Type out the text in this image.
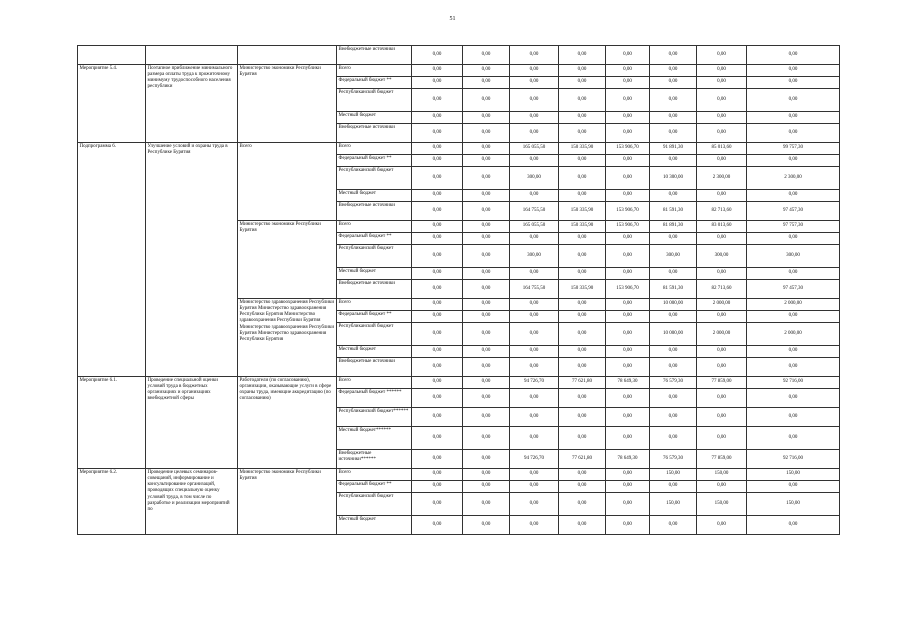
51
			Внебюджетные источники	0,00	0,00	0,00	0,00	0,00	0,00	0,00	0,00
Мероприятие 5.4.	Поэтапное приближение минимального размера оплаты труда к прожиточному минимуму трудоспособного населения республики	Министерство экономики Республики Бурятия	Всего	0,00	0,00	0,00	0,00	0,00	0,00	0,00	0,00
			Федеральный бюджет **	0,00	0,00	0,00	0,00	0,00	0,00	0,00	0,00
			Республиканский бюджет	0,00	0,00	0,00	0,00	0,00	0,00	0,00	0,00
			Местный бюджет	0,00	0,00	0,00	0,00	0,00	0,00	0,00	0,00
			Внебюджетные источники	0,00	0,00	0,00	0,00	0,00	0,00	0,00	0,00
Подпрограмма 6.	Улучшение условий и охраны труда в Республике Бурятия	Всего	Всего	0,00	0,00	165 055,50	150 335,90	153 906,70	91 891,30	85 013,60	99 757,30
			Федеральный бюджет **	0,00	0,00	0,00	0,00	0,00	0,00	0,00	0,00
			Республиканский бюджет	0,00	0,00	300,00	0,00	0,00	10 300,00	2 300,00	2 300,00
			Местный бюджет	0,00	0,00	0,00	0,00	0,00	0,00	0,00	0,00
			Внебюджетные источники	0,00	0,00	164 755,50	150 335,90	153 906,70	81 591,30	82 713,60	97 457,30
		Министерство экономики Республики Бурятия	Всего	0,00	0,00	165 055,50	150 335,90	153 906,70	81 891,30	83 013,60	97 757,30
			Федеральный бюджет **	0,00	0,00	0,00	0,00	0,00	0,00	0,00	0,00
			Республиканский бюджет	0,00	0,00	300,00	0,00	0,00	300,00	300,00	300,00
			Местный бюджет	0,00	0,00	0,00	0,00	0,00	0,00	0,00	0,00
			Внебюджетные источники	0,00	0,00	164 755,50	150 335,90	153 906,70	81 591,30	82 713,60	97 457,30
		Министерство здравоохранения Республики Бурятия Министерство здравоохранения Республики Бурятия Министерство здравоохранения Республики Бурятия Министерство здравоохранения Республики Бурятия Министерство здравоохранения Республики Бурятия	Всего	0,00	0,00	0,00	0,00	0,00	10 000,00	2 000,00	2 000,00
			Федеральный бюджет **	0,00	0,00	0,00	0,00	0,00	0,00	0,00	0,00
			Республиканский бюджет	0,00	0,00	0,00	0,00	0,00	10 000,00	2 000,00	2 000,00
			Местный бюджет	0,00	0,00	0,00	0,00	0,00	0,00	0,00	0,00
			Внебюджетные источники	0,00	0,00	0,00	0,00	0,00	0,00	0,00	0,00
Мероприятие 6.1.	Проведение специальной оценки условий труда в бюджетных организациях и организациях внебюджетной сферы	Работодатели (по согласованию), организации, оказывающие услуги в сфере охраны труда, имеющие аккредитацию (по согласованию)	Всего	0,00	0,00	94 726,70	77 621,80	78 649,30	76 579,30	77 859,00	92 716,00
			Федеральный бюджет ******	0,00	0,00	0,00	0,00	0,00	0,00	0,00	0,00
			Республиканский бюджет******	0,00	0,00	0,00	0,00	0,00	0,00	0,00	0,00
			Местный бюджет******	0,00	0,00	0,00	0,00	0,00	0,00	0,00	0,00
			Внебюджетные источники******	0,00	0,00	94 726,70	77 621,80	78 649,30	76 579,30	77 859,00	92 716,00
Мероприятие 6.2.	Проведение целевых семинаров-совещаний, информирование и консультирование организаций, проводящих специальную оценку условий труда, в том числе по разработке и реализации мероприятий по	Министерство экономики Республики Бурятия	Всего	0,00	0,00	0,00	0,00	0,00	150,00	150,00	150,00
			Федеральный бюджет **	0,00	0,00	0,00	0,00	0,00	0,00	0,00	0,00
			Республиканский бюджет	0,00	0,00	0,00	0,00	0,00	150,00	150,00	150,00
			Местный бюджет	0,00	0,00	0,00	0,00	0,00	0,00	0,00	0,00
